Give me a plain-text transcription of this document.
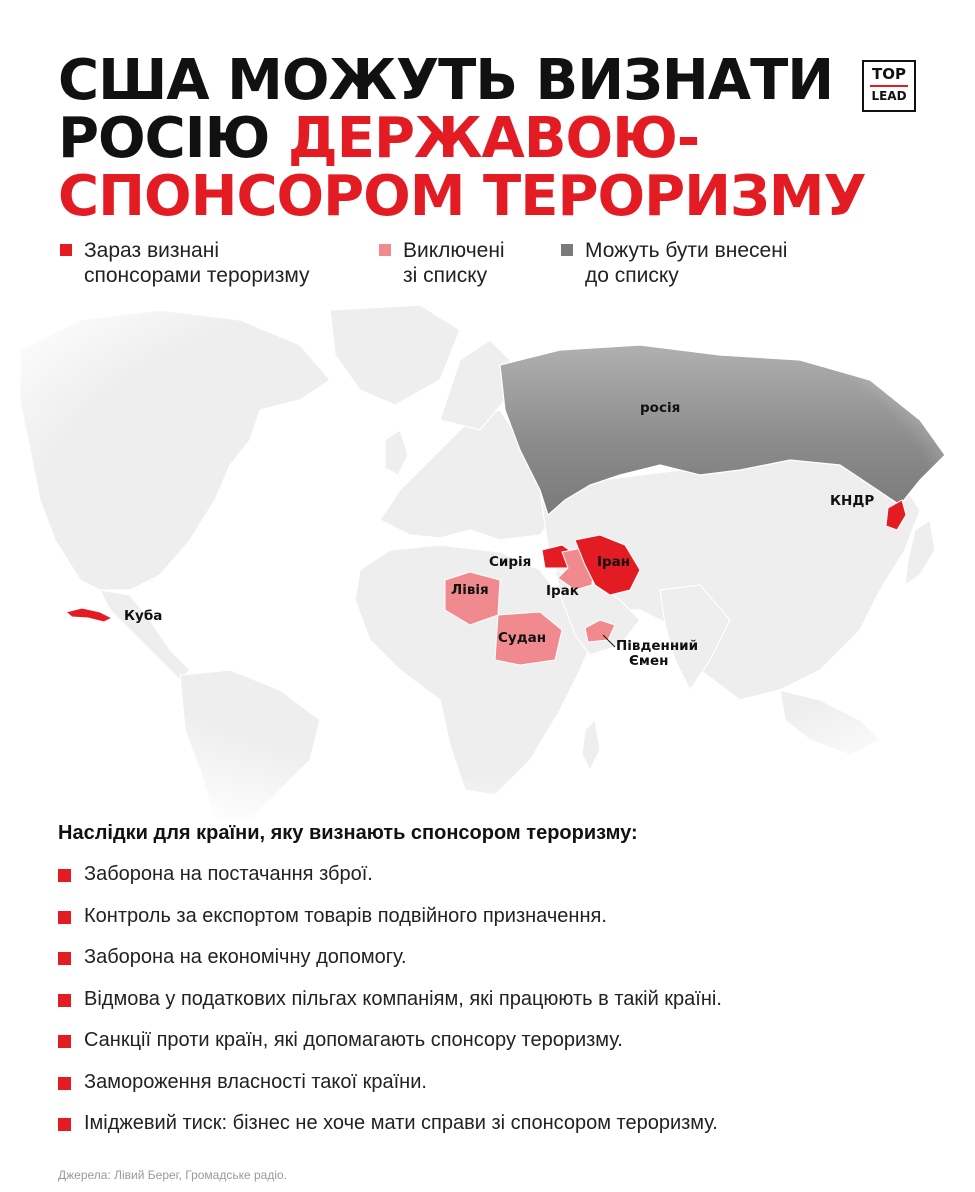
США МОЖУТЬ ВИЗНАТИ
РОСІЮ ДЕРЖАВОЮ-
СПОНСОРОМ ТЕРОРИЗМУ
TOP
LEAD
Зараз визнані
спонсорами тероризму
Виключені
зі списку
Можуть бути внесені
до списку
росія
КНДР
Сирія	Іран
Ірак
Лівія
Судан	Південний
Ємен
Куба
Наслідки для країни, яку визнають спонсором тероризму:
Заборона на постачання зброї.
Контроль за експортом товарів подвійного призначення.
Заборона на економічну допомогу.
Відмова у податкових пільгах компаніям, які працюють в такій країні.
Санкції проти країн, які допомагають спонсору тероризму.
Замороження власності такої країни.
Іміджевий тиск: бізнес не хоче мати справи зі спонсором тероризму.
Джерела: Лівий Берег, Громадське радіо.
